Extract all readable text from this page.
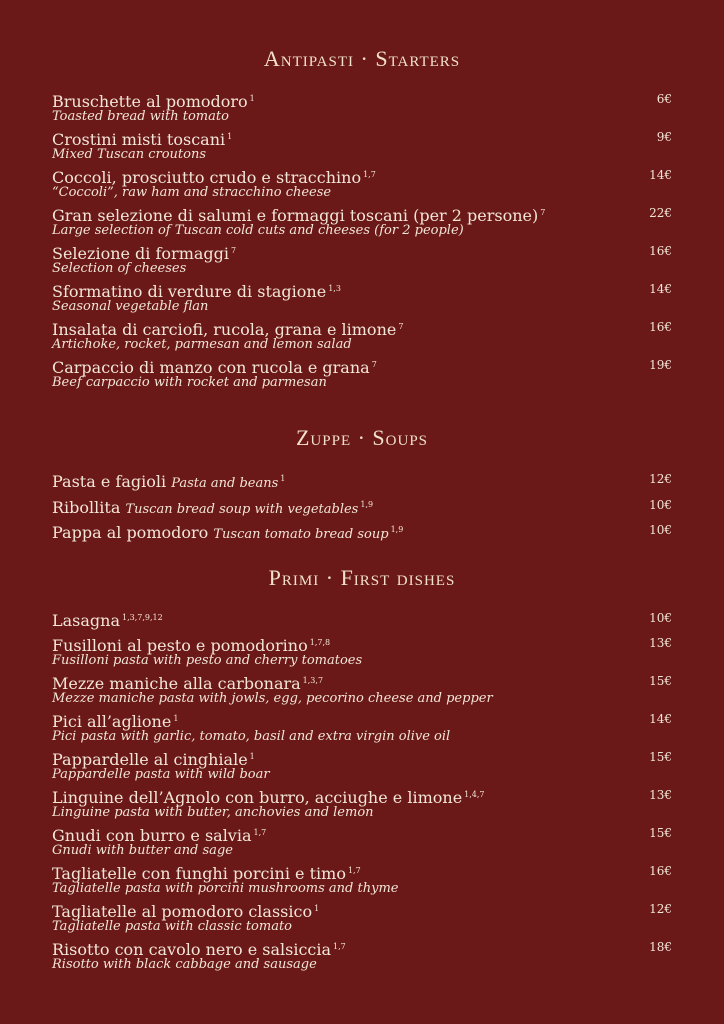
Antipasti · Starters
Bruschette al pomodoro $^1$
Toasted bread with tomato
6€
Crostini misti toscani $^1$
Mixed Tuscan croutons
9€
Coccoli, prosciutto crudo e stracchino $^{1,7}$
“Coccoli”, raw ham and stracchino cheese
14€
Gran selezione di salumi e formaggi toscani (per 2 persone) $^7$
Large selection of Tuscan cold cuts and cheeses (for 2 people)
22€
Selezione di formaggi $^7$
Selection of cheeses
16€
Sformatino di verdure di stagione $^{1,3}$
Seasonal vegetable flan
14€
Insalata di carciofi, rucola, grana e limone $^7$
Artichoke, rocket, parmesan and lemon salad
16€
Carpaccio di manzo con rucola e grana $^7$
Beef carpaccio with rocket and parmesan
19€
Zuppe · Soups
Pasta e fagioli Pasta and beans $^1$	12€
Ribollita Tuscan bread soup with vegetables $^{1,9}$	10€
Pappa al pomodoro Tuscan tomato bread soup $^{1,9}$	10€
Primi · First dishes
Lasagna $^{1,3,7,9,12}$	10€
Fusilloni al pesto e pomodorino $^{1,7,8}$
Fusilloni pasta with pesto and cherry tomatoes
13€
Mezze maniche alla carbonara $^{1,3,7}$
Mezze maniche pasta with jowls, egg, pecorino cheese and pepper
15€
Pici all’aglione $^1$
Pici pasta with garlic, tomato, basil and extra virgin olive oil
14€
Pappardelle al cinghiale $^1$
Pappardelle pasta with wild boar
15€
Linguine dell’Agnolo con burro, acciughe e limone $^{1,4,7}$
Linguine pasta with butter, anchovies and lemon
13€
Gnudi con burro e salvia $^{1,7}$
Gnudi with butter and sage
15€
Tagliatelle con funghi porcini e timo $^{1,7}$
Tagliatelle pasta with porcini mushrooms and thyme
16€
Tagliatelle al pomodoro classico $^1$
Tagliatelle pasta with classic tomato
12€
Risotto con cavolo nero e salsiccia $^{1,7}$
Risotto with black cabbage and sausage
18€
